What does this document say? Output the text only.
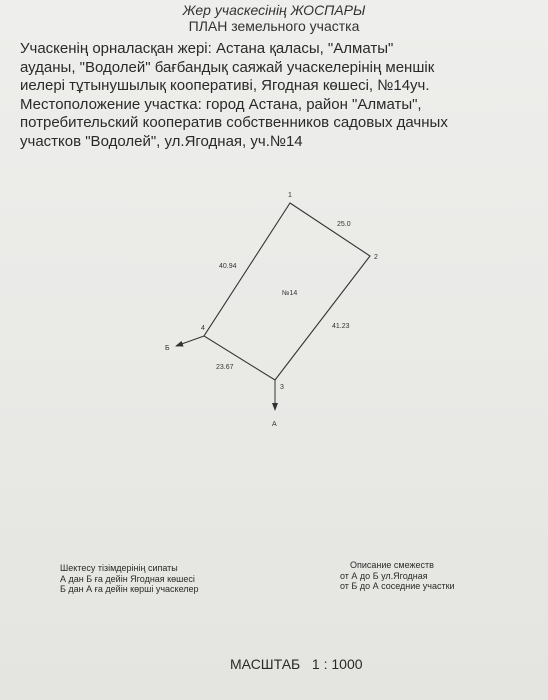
Жер учаскесінің ЖОСПАРЫ
ПЛАН земельного участка
Учаскенің орналасқан жері: Астана қаласы, "Алматы"
ауданы, "Водолей" бағбандық саяжай учаскелерінің меншік
иелері тұтынушылық кооперативі, Ягодная көшесі, №14уч.
Местоположение участка: город Астана, район "Алматы",
потребительский кооператив собственников садовых дачных
участков "Водолей", ул.Ягодная, уч.№14
1
2
3
4
25.0
41.23
23.67
40.94
№14
Б
А
Шектесу тізімдерінің сипаты
А дан Б ға дейін Ягодная көшесі
Б дан А ға дейін көрші учаскелер
Описание смежеств
от А до Б ул.Ягодная
от Б до А соседние участки
МАСШТАБ 1 : 1000
